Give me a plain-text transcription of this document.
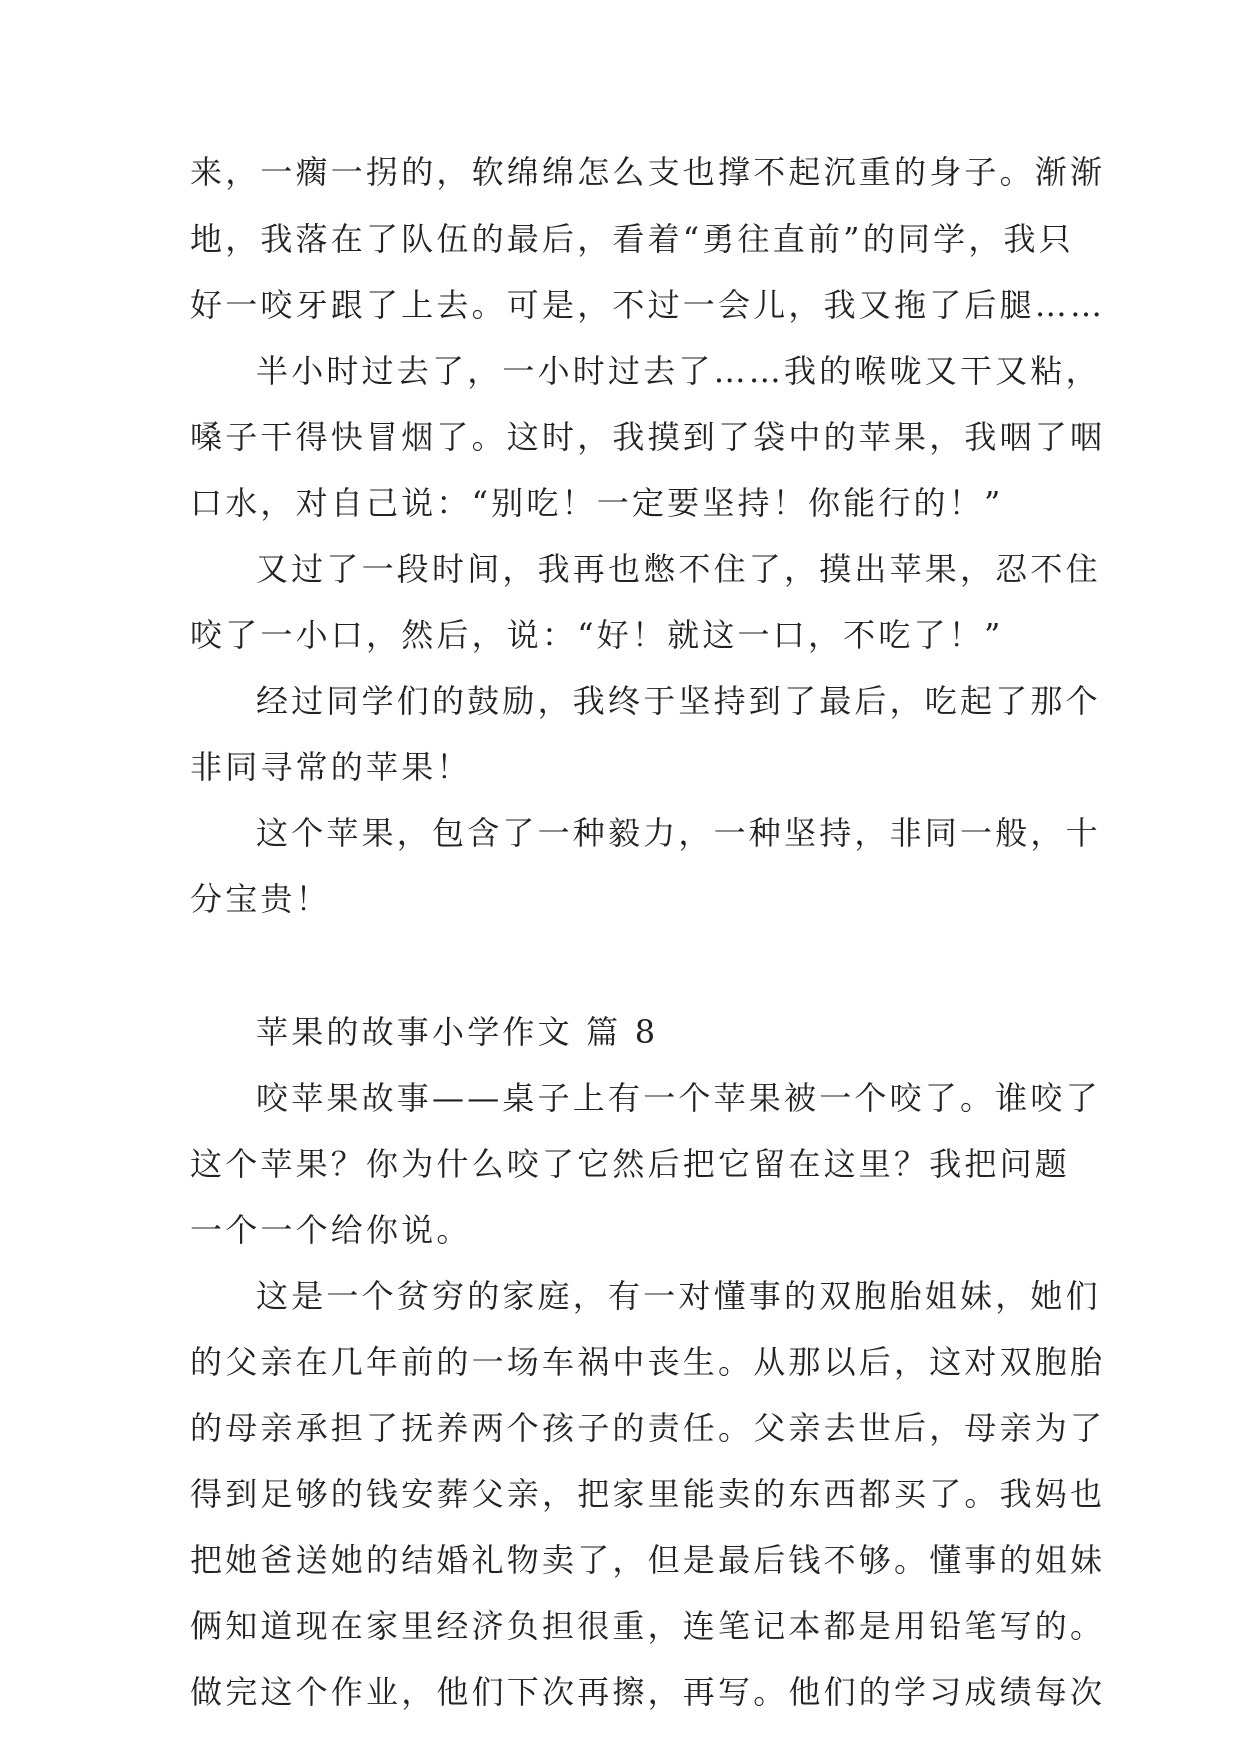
来，一瘸一拐的，软绵绵怎么支也撑不起沉重的身子。渐渐
地，我落在了队伍的最后，看着“勇往直前”的同学，我只
好一咬牙跟了上去。可是，不过一会儿，我又拖了后腿……
半小时过去了，一小时过去了……我的喉咙又干又粘，
嗓子干得快冒烟了。这时，我摸到了袋中的苹果，我咽了咽
口水，对自己说：“别吃！一定要坚持！你能行的！”
又过了一段时间，我再也憋不住了，摸出苹果，忍不住
咬了一小口，然后，说：“好！就这一口，不吃了！”
经过同学们的鼓励，我终于坚持到了最后，吃起了那个
非同寻常的苹果！
这个苹果，包含了一种毅力，一种坚持，非同一般，十
分宝贵！
苹果的故事小学作文 篇 8
咬苹果故事——桌子上有一个苹果被一个咬了。谁咬了
这个苹果？你为什么咬了它然后把它留在这里？我把问题
一个一个给你说。
这是一个贫穷的家庭，有一对懂事的双胞胎姐妹，她们
的父亲在几年前的一场车祸中丧生。从那以后，这对双胞胎
的母亲承担了抚养两个孩子的责任。父亲去世后，母亲为了
得到足够的钱安葬父亲，把家里能卖的东西都买了。我妈也
把她爸送她的结婚礼物卖了，但是最后钱不够。懂事的姐妹
俩知道现在家里经济负担很重，连笔记本都是用铅笔写的。
做完这个作业，他们下次再擦，再写。他们的学习成绩每次
